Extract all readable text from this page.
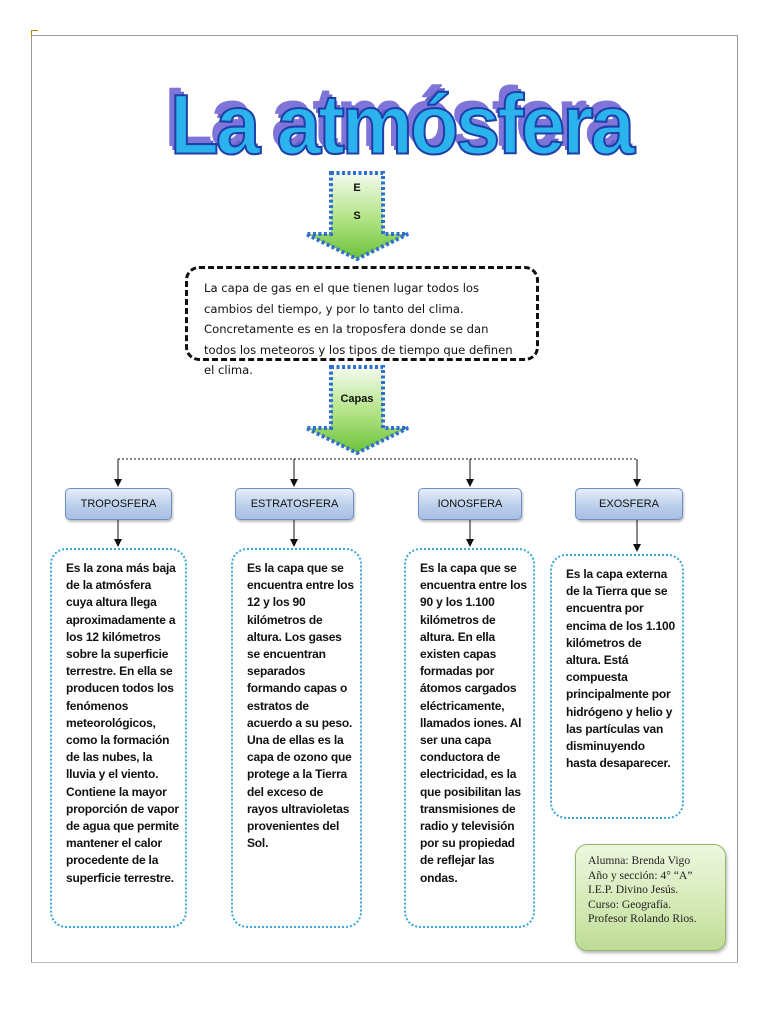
La atmósfera
E
S
La capa de gas en el que tienen lugar todos los cambios del tiempo, y por lo tanto del clima. Concretamente es en la troposfera donde se dan todos los meteoros y los tipos de tiempo que definen el clima.
Capas
TROPOSFERA	ESTRATOSFERA	IONOSFERA	EXOSFERA
Es la zona más baja de la atmósfera cuya altura llega aproximadamente a los 12 kilómetros sobre la superficie terrestre. En ella se producen todos los fenómenos meteorológicos, como la formación de las nubes, la lluvia y el viento. Contiene la mayor proporción de vapor de agua que permite mantener el calor procedente de la superficie terrestre.
Es la capa que se encuentra entre los 12 y los 90 kilómetros de altura. Los gases se encuentran separados formando capas o estratos de acuerdo a su peso. Una de ellas es la capa de ozono que protege a la Tierra del exceso de rayos ultravioletas provenientes del Sol.
Es la capa que se encuentra entre los 90 y los 1.100 kilómetros de altura. En ella existen capas formadas por átomos cargados eléctricamente, llamados iones. Al ser una capa conductora de electricidad, es la que posibilitan las transmisiones de radio y televisión por su propiedad de reflejar las ondas.
Es la capa externa de la Tierra que se encuentra por encima de los 1.100 kilómetros de altura. Está compuesta principalmente por hidrógeno y helio y las partículas van disminuyendo hasta desaparecer.
Alumna: Brenda Vigo
Año y sección: 4° “A”
I.E.P. Divino Jesús.
Curso: Geografía.
Profesor Rolando Rios.
